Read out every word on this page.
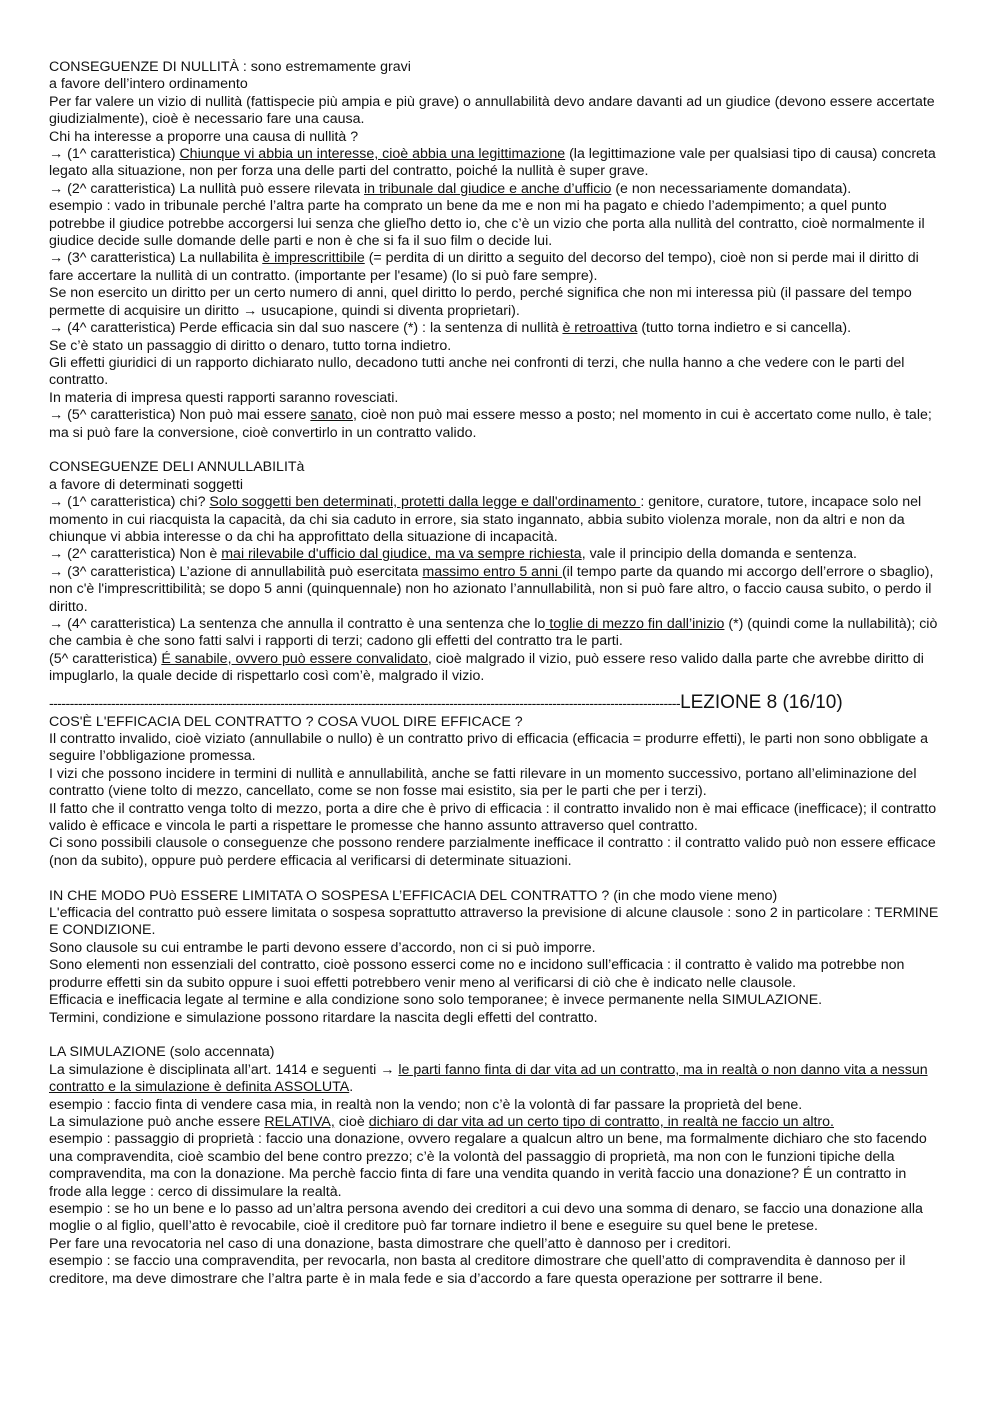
CONSEGUENZE DI NULLITÀ : sono estremamente gravi

a favore dell’intero ordinamento

Per far valere un vizio di nullità (fattispecie più ampia e più grave) o annullabilità devo andare davanti ad un giudice (devono essere accertate giudizialmente), cioè è necessario fare una causa.

Chi ha interesse a proporre una causa di nullità ?

→ (1^ caratteristica) Chiunque vi abbia un interesse, cioè abbia una legittimazione (la legittimazione vale per qualsiasi tipo di causa) concreta legato alla situazione, non per forza una delle parti del contratto, poiché la nullità è super grave.

→ (2^ caratteristica) La nullità può essere rilevata in tribunale dal giudice e anche d’ufficio (e non necessariamente domandata).

esempio : vado in tribunale perché l’altra parte ha comprato un bene da me e non mi ha pagato e chiedo l’adempimento; a quel punto potrebbe il giudice potrebbe accorgersi lui senza che glieľho detto io, che c’è un vizio che porta alla nullità del contratto, cioè normalmente il giudice decide sulle domande delle parti e non è che si fa il suo film o decide lui.

→ (3^ caratteristica) La nullabilita è imprescrittibile (= perdita di un diritto a seguito del decorso del tempo), cioè non si perde mai il diritto di fare accertare la nullità di un contratto. (importante per l'esame) (lo si può fare sempre).

Se non esercito un diritto per un certo numero di anni, quel diritto lo perdo, perché significa che non mi interessa più (il passare del tempo permette di acquisire un diritto → usucapione, quindi si diventa proprietari).

→ (4^ caratteristica) Perde efficacia sin dal suo nascere (*) : la sentenza di nullità è retroattiva (tutto torna indietro e si cancella).

Se c’è stato un passaggio di diritto o denaro, tutto torna indietro.

Gli effetti giuridici di un rapporto dichiarato nullo, decadono tutti anche nei confronti di terzi, che nulla hanno a che vedere con le parti del contratto.

In materia di impresa questi rapporti saranno rovesciati.

→ (5^ caratteristica) Non può mai essere sanato, cioè non può mai essere messo a posto; nel momento in cui è accertato come nullo, è tale; ma si può fare la conversione, cioè convertirlo in un contratto valido.

CONSEGUENZE DELI ANNULLABILITà

a favore di determinati soggetti

→ (1^ caratteristica) chi? Solo soggetti ben determinati, protetti dalla legge e dall'ordinamento : genitore, curatore, tutore, incapace solo nel momento in cui riacquista la capacità, da chi sia caduto in errore, sia stato ingannato, abbia subito violenza morale, non da altri e non da chiunque vi abbia interesse o da chi ha approfittato della situazione di incapacità.

→ (2^ caratteristica) Non è mai rilevabile d'ufficio dal giudice, ma va sempre richiesta, vale il principio della domanda e sentenza.

→ (3^ caratteristica) L’azione di annullabilità può esercitata massimo entro 5 anni (il tempo parte da quando mi accorgo dell’errore o sbaglio), non c'è l'imprescrittibilità; se dopo 5 anni (quinquennale) non ho azionato l’annullabilità, non si può fare altro, o faccio causa subito, o perdo il diritto.

→ (4^ caratteristica) La sentenza che annulla il contratto è una sentenza che lo toglie di mezzo fin dall’inizio (*) (quindi come la nullabilità); ciò che cambia è che sono fatti salvi i rapporti di terzi; cadono gli effetti del contratto tra le parti.

(5^ caratteristica) É sanabile, ovvero può essere convalidato, cioè malgrado il vizio, può essere reso valido dalla parte che avrebbe diritto di impuglarlo, la quale decide di rispettarlo così com’è, malgrado il vizio.

--------------------------------------------------------------------------------------------------------------------------------------------------------- LEZIONE 8 (16/10)

COS'È L'EFFICACIA DEL CONTRATTO ? COSA VUOL DIRE EFFICACE ?

Il contratto invalido, cioè viziato (annullabile o nullo) è un contratto privo di efficacia (efficacia = produrre effetti), le parti non sono obbligate a seguire l’obbligazione promessa.

I vizi che possono incidere in termini di nullità e annullabilità, anche se fatti rilevare in un momento successivo, portano all’eliminazione del contratto (viene tolto di mezzo, cancellato, come se non fosse mai esistito, sia per le parti che per i terzi).

Il fatto che il contratto venga tolto di mezzo, porta a dire che è privo di efficacia : il contratto invalido non è mai efficace (inefficace); il contratto valido è efficace e vincola le parti a rispettare le promesse che hanno assunto attraverso quel contratto.

Ci sono possibili clausole o conseguenze che possono rendere parzialmente inefficace il contratto : il contratto valido può non essere efficace (non da subito), oppure può perdere efficacia al verificarsi di determinate situazioni.

IN CHE MODO PUò ESSERE LIMITATA O SOSPESA L’EFFICACIA DEL CONTRATTO ? (in che modo viene meno)

L'efficacia del contratto può essere limitata o sospesa soprattutto attraverso la previsione di alcune clausole : sono 2 in particolare : TERMINE E CONDIZIONE.

Sono clausole su cui entrambe le parti devono essere d’accordo, non ci si può imporre.

Sono elementi non essenziali del contratto, cioè possono esserci come no e incidono sull’efficacia : il contratto è valido ma potrebbe non produrre effetti sin da subito oppure i suoi effetti potrebbero venir meno al verificarsi di ciò che è indicato nelle clausole.

Efficacia e inefficacia legate al termine e alla condizione sono solo temporanee; è invece permanente nella SIMULAZIONE.

Termini, condizione e simulazione possono ritardare la nascita degli effetti del contratto.

LA SIMULAZIONE (solo accennata)

La simulazione è disciplinata all’art. 1414 e seguenti → le parti fanno finta di dar vita ad un contratto, ma in realtà o non danno vita a nessun contratto e la simulazione è definita ASSOLUTA.

esempio : faccio finta di vendere casa mia, in realtà non la vendo; non c’è la volontà di far passare la proprietà del bene.

La simulazione può anche essere RELATIVA, cioè dichiaro di dar vita ad un certo tipo di contratto, in realtà ne faccio un altro.

esempio : passaggio di proprietà : faccio una donazione, ovvero regalare a qualcun altro un bene, ma formalmente dichiaro che sto facendo una compravendita, cioè scambio del bene contro prezzo; c’è la volontà del passaggio di proprietà, ma non con le funzioni tipiche della compravendita, ma con la donazione. Ma perchè faccio finta di fare una vendita quando in verità faccio una donazione? É un contratto in frode alla legge : cerco di dissimulare la realtà.

esempio : se ho un bene e lo passo ad un’altra persona avendo dei creditori a cui devo una somma di denaro, se faccio una donazione alla moglie o al figlio, quell’atto è revocabile, cioè il creditore può far tornare indietro il bene e eseguire su quel bene le pretese.

Per fare una revocatoria nel caso di una donazione, basta dimostrare che quell’atto è dannoso per i creditori.

esempio : se faccio una compravendita, per revocarla, non basta al creditore dimostrare che quell’atto di compravendita è dannoso per il creditore, ma deve dimostrare che l’altra parte è in mala fede e sia d’accordo a fare questa operazione per sottrarre il bene.
